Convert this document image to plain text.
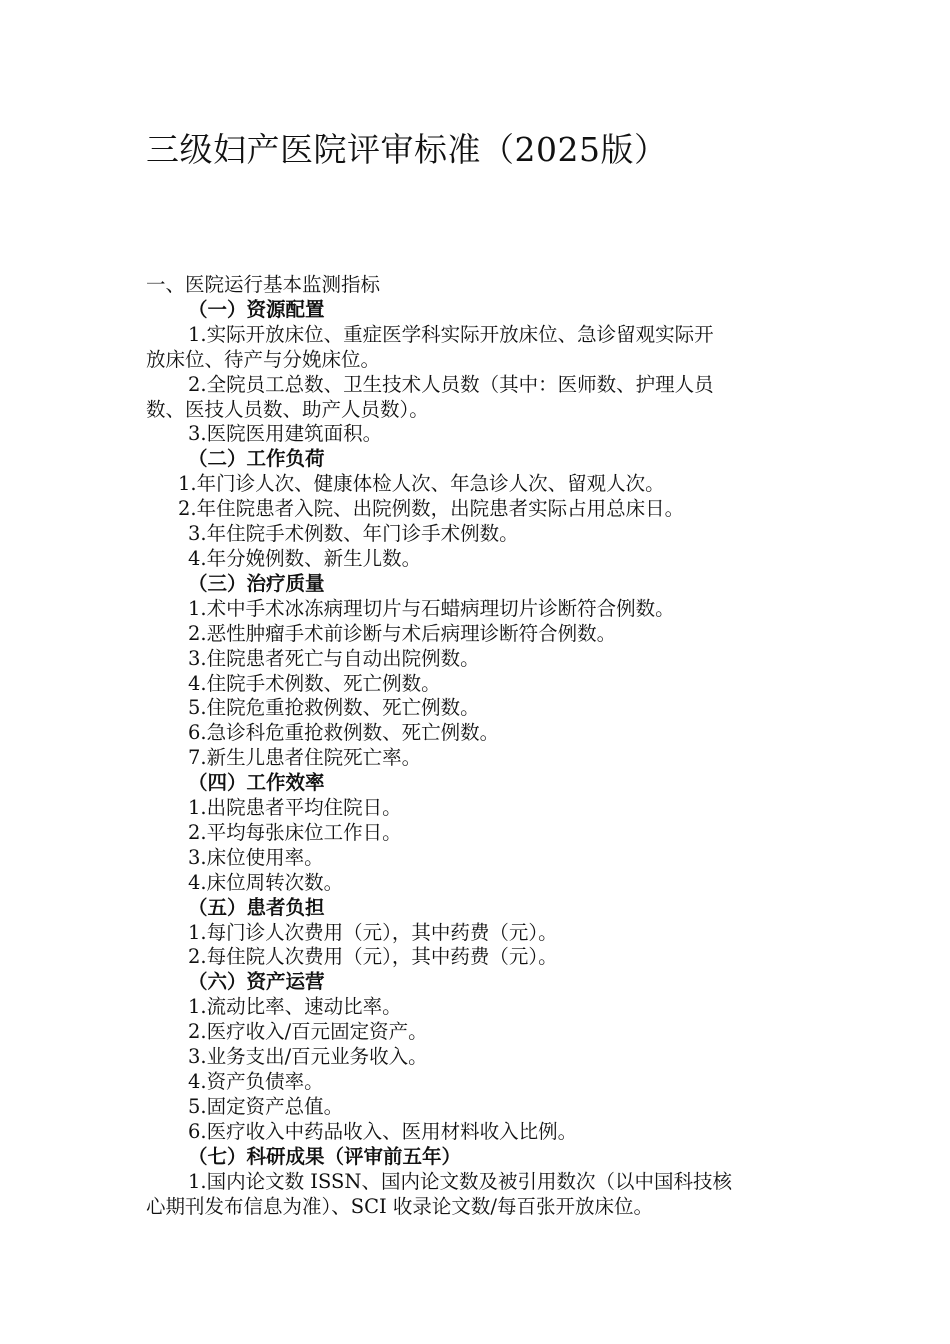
三级妇产医院评审标准（2025版）
一、医院运行基本监测指标
（一）资源配置
1.实际开放床位、重症医学科实际开放床位、急诊留观实际开
放床位、待产与分娩床位。
2.全院员工总数、卫生技术人员数（其中：医师数、护理人员
数、医技人员数、助产人员数）。
3.医院医用建筑面积。
（二）工作负荷
1.年门诊人次、健康体检人次、年急诊人次、留观人次。
2.年住院患者入院、出院例数，出院患者实际占用总床日。
3.年住院手术例数、年门诊手术例数。
4.年分娩例数、新生儿数。
（三）治疗质量
1.术中手术冰冻病理切片与石蜡病理切片诊断符合例数。
2.恶性肿瘤手术前诊断与术后病理诊断符合例数。
3.住院患者死亡与自动出院例数。
4.住院手术例数、死亡例数。
5.住院危重抢救例数、死亡例数。
6.急诊科危重抢救例数、死亡例数。
7.新生儿患者住院死亡率。
（四）工作效率
1.出院患者平均住院日。
2.平均每张床位工作日。
3.床位使用率。
4.床位周转次数。
（五）患者负担
1.每门诊人次费用（元），其中药费（元）。
2.每住院人次费用（元），其中药费（元）。
（六）资产运营
1.流动比率、速动比率。
2.医疗收入/百元固定资产。
3.业务支出/百元业务收入。
4.资产负债率。
5.固定资产总值。
6.医疗收入中药品收入、医用材料收入比例。
（七）科研成果（评审前五年）
1.国内论文数 ISSN、国内论文数及被引用数次（以中国科技核
心期刊发布信息为准）、SCI 收录论文数/每百张开放床位。
